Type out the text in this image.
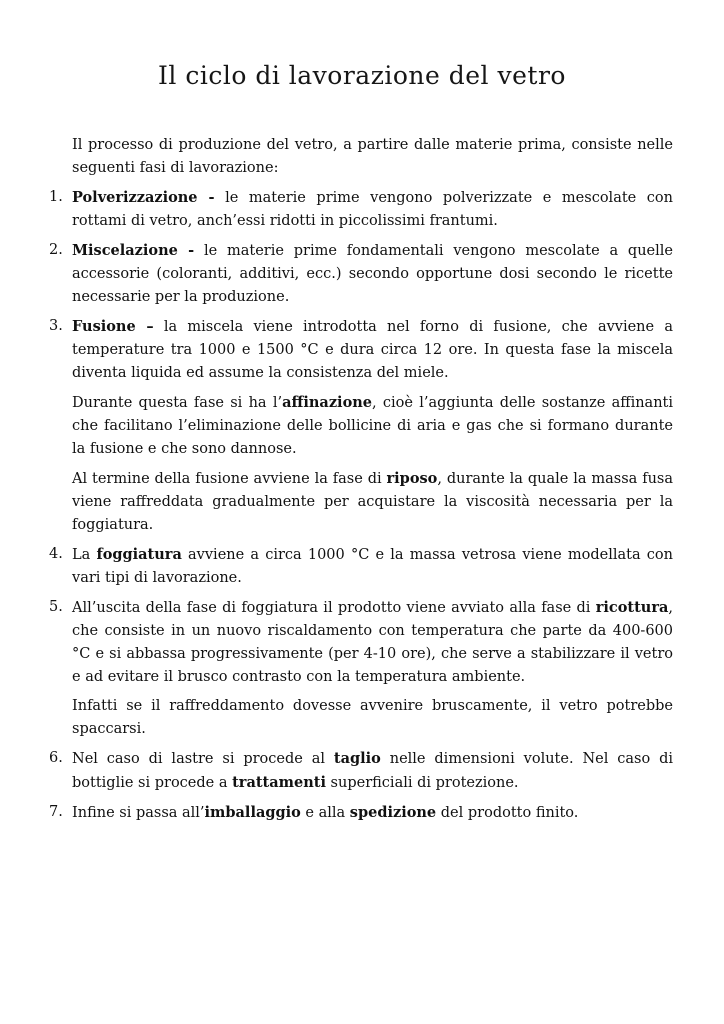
Il ciclo di lavorazione del vetro

Il processo di produzione del vetro, a partire dalle materie prima, consiste nelle seguenti fasi di lavorazione:

1. Polverizzazione - le materie prime vengono polverizzate e mescolate con rottami di vetro, anch’essi ridotti in piccolissimi frantumi.

2. Miscelazione - le materie prime fondamentali vengono mescolate a quelle accessorie (coloranti, additivi, ecc.) secondo opportune dosi secondo le ricette necessarie per la produzione.

3. Fusione – la miscela viene introdotta nel forno di fusione, che avviene a temperature tra 1000 e 1500 °C e dura circa 12 ore. In questa fase la miscela diventa liquida ed assume la consistenza del miele.

Durante questa fase si ha l’affinazione, cioè l’aggiunta delle sostanze affinanti che facilitano l’eliminazione delle bollicine di aria e gas che si formano durante la fusione e che sono dannose.

Al termine della fusione avviene la fase di riposo, durante la quale la massa fusa viene raffreddata gradualmente per acquistare la viscosità necessaria per la foggiatura.

4. La foggiatura avviene a circa 1000 °C e la massa vetrosa viene modellata con vari tipi di lavorazione.

5. All’uscita della fase di foggiatura il prodotto viene avviato alla fase di ricottura, che consiste in un nuovo riscaldamento con temperatura che parte da 400-600 °C e si abbassa progressivamente (per 4-10 ore), che serve a stabilizzare il vetro e ad evitare il brusco contrasto con la temperatura ambiente.

Infatti se il raffreddamento dovesse avvenire bruscamente, il vetro potrebbe spaccarsi.

6. Nel caso di lastre si procede al taglio nelle dimensioni volute. Nel caso di bottiglie si procede a trattamenti superficiali di protezione.

7. Infine si passa all’imballaggio e alla spedizione del prodotto finito.
